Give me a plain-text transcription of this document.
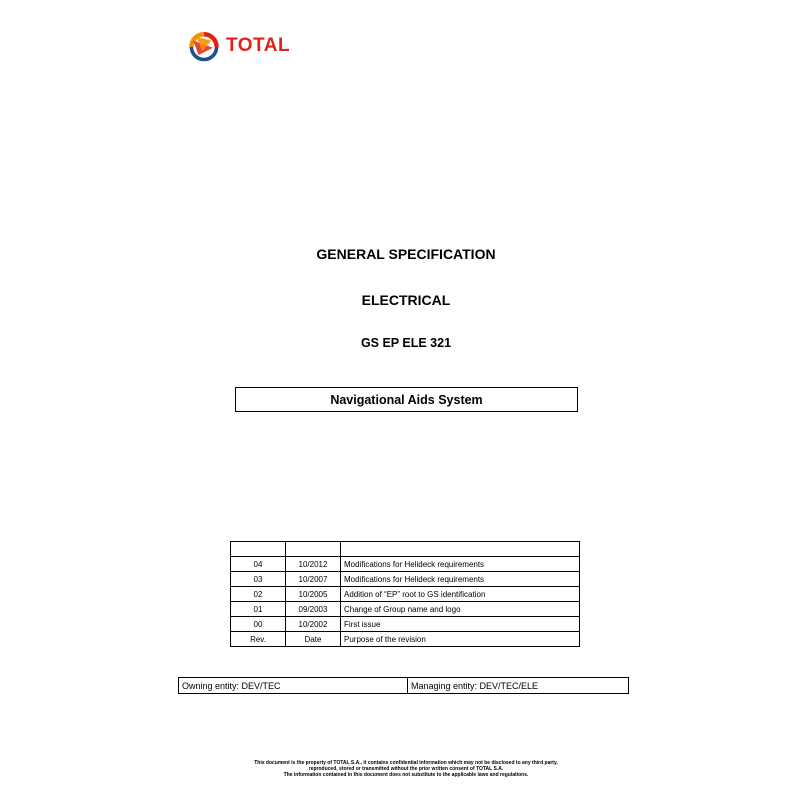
TOTAL
GENERAL SPECIFICATION
ELECTRICAL
GS EP ELE 321
Navigational Aids System

04	10/2012	Modifications for Helideck requirements
03	10/2007	Modifications for Helideck requirements
02	10/2005	Addition of “EP” root to GS identification
01	09/2003	Change of Group name and logo
00	10/2002	First issue
Rev.	Date	Purpose of the revision
Owning entity: DEV/TEC	Managing entity: DEV/TEC/ELE
This document is the property of TOTAL S.A., it contains confidential information which may not be disclosed to any third party,
reproduced, stored or transmitted without the prior written consent of TOTAL S.A.
The information contained in this document does not substitute to the applicable laws and regulations.
